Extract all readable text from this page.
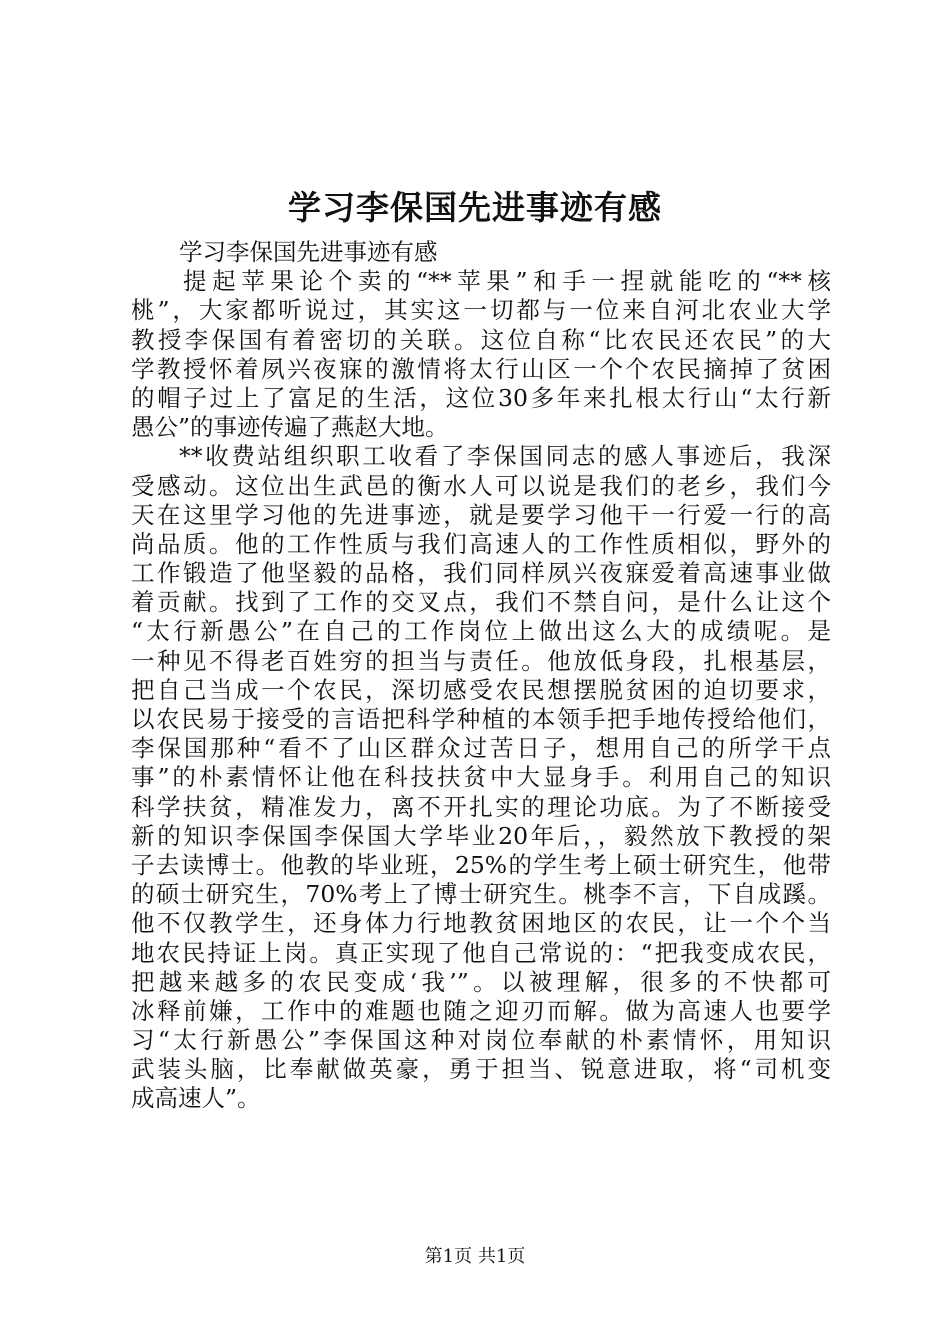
学习李保国先进事迹有感
学习李保国先进事迹有感
提起苹果论个卖的“**苹果”和手一捏就能吃的“**核
桃”，大家都听说过，其实这一切都与一位来自河北农业大学
教授李保国有着密切的关联。这位自称“比农民还农民”的大
学教授怀着夙兴夜寐的激情将太行山区一个个农民摘掉了贫困
的帽子过上了富足的生活，这位30多年来扎根太行山“太行新
愚公”的事迹传遍了燕赵大地。
**收费站组织职工收看了李保国同志的感人事迹后，我深
受感动。这位出生武邑的衡水人可以说是我们的老乡，我们今
天在这里学习他的先进事迹，就是要学习他干一行爱一行的高
尚品质。他的工作性质与我们高速人的工作性质相似，野外的
工作锻造了他坚毅的品格，我们同样夙兴夜寐爱着高速事业做
着贡献。找到了工作的交叉点，我们不禁自问，是什么让这个
“太行新愚公”在自己的工作岗位上做出这么大的成绩呢。是
一种见不得老百姓穷的担当与责任。他放低身段，扎根基层，
把自己当成一个农民，深切感受农民想摆脱贫困的迫切要求，
以农民易于接受的言语把科学种植的本领手把手地传授给他们，
李保国那种“看不了山区群众过苦日子，想用自己的所学干点
事”的朴素情怀让他在科技扶贫中大显身手。利用自己的知识
科学扶贫，精准发力，离不开扎实的理论功底。为了不断接受
新的知识李保国李保国大学毕业20年后，，毅然放下教授的架
子去读博士。他教的毕业班，25%的学生考上硕士研究生，他带
的硕士研究生，70%考上了博士研究生。桃李不言，下自成蹊。
他不仅教学生，还身体力行地教贫困地区的农民，让一个个当
地农民持证上岗。真正实现了他自己常说的：“把我变成农民，
把越来越多的农民变成‘我’”。以被理解，很多的不快都可
冰释前嫌，工作中的难题也随之迎刃而解。做为高速人也要学
习“太行新愚公”李保国这种对岗位奉献的朴素情怀，用知识
武装头脑，比奉献做英豪，勇于担当、锐意进取，将“司机变
成高速人”。
第1页 共1页
